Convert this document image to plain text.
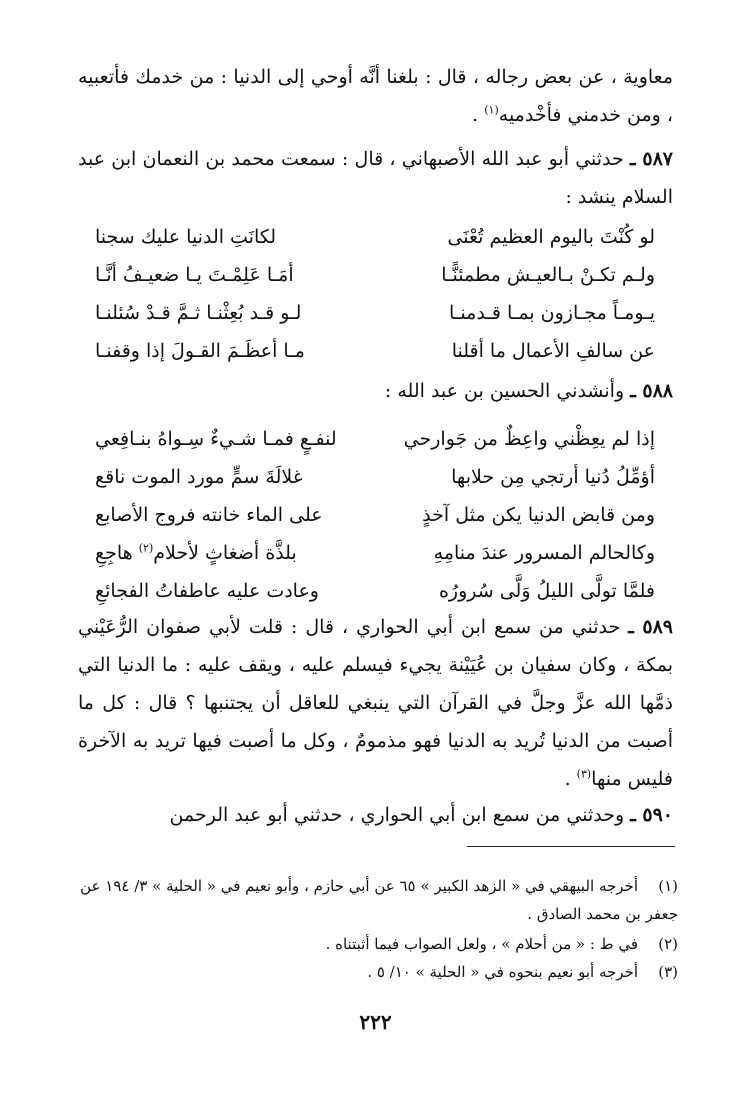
معاوية ، عن بعض رجاله ، قال : بلغنا أنَّه أوحي إلى الدنيا : من خدمك فأتعبيه ، ومن خدمني فأخْدميه$^{(١)}$ .
٥٨٧ ـ حدثني أبو عبد الله الأصبهاني ، قال : سمعت محمد بن النعمان ابن عبد السلام ينشد :
لو كُنْتَ باليوم العظيم تُعْنَى
لكانَتِ الدنيا عليك سجنا
ولـم تكـنْ بـالعيـش مطمئنًّـا
أمَـا عَلِمْـتَ يـا ضعيـفُ أنَّـا
يـومـاً مجـازون بمـا قـدمنـا
لـو قـد بُعِثْنـا ثـمَّ قـدْ سُئلنـا
عن سالفِ الأعمال ما أقلنا
مـا أعظَـمَ القـولَ إذا وقفنـا
٥٨٨ ـ وأنشدني الحسين بن عبد الله :
إذا لم يعِظْني واعِظٌ من جَوارحي
لنفـعٍ فمـا شـيءٌ سِـواهُ بنـافِعي
أؤمِّلُ دُنيا أرتجي مِن حلابها
غلالَةَ سمٍّ مورد الموت ناقع
ومن قابض الدنيا يكن مثل آخذٍ
على الماء خانته فروج الأصابع
وكالحالم المسرور عندَ منامِهِ
بلذَّة أضغاثٍ لأحلام$^{(٢)}$ هاجِعِ
فلمَّا تولَّى الليلُ وَلَّى سُرورُه
وعادت عليه عاطفاتُ الفجائعِ
٥٨٩ ـ حدثني من سمع ابن أبي الحواري ، قال : قلت لأبي صفوان الرُّعَيْني بمكة ، وكان سفيان بن عُيَيْنة يجيء فيسلم عليه ، ويقف عليه : ما الدنيا التي ذمَّها الله عزَّ وجلَّ في القرآن التي ينبغي للعاقل أن يجتنبها ؟ قال : كل ما أصبت من الدنيا تُريد به الدنيا فهو مذمومٌ ، وكل ما أصبت فيها تريد به الآخرة فليس منها$^{(٣)}$ .
٥٩٠ ـ وحدثني من سمع ابن أبي الحواري ، حدثني أبو عبد الرحمن
(١)أخرجه البيهقي في « الزهد الكبير » ٦٥ عن أبي حازم ، وأبو نعيم في « الحلية » ٣/ ١٩٤ عن جعفر بن محمد الصادق .
(٢)في ط : « من أحلام » ، ولعل الصواب فيما أثبتناه .
(٣)أخرجه أبو نعيم بنحوه في « الحلية » ١٠/ ٥ .
٢٢٢
